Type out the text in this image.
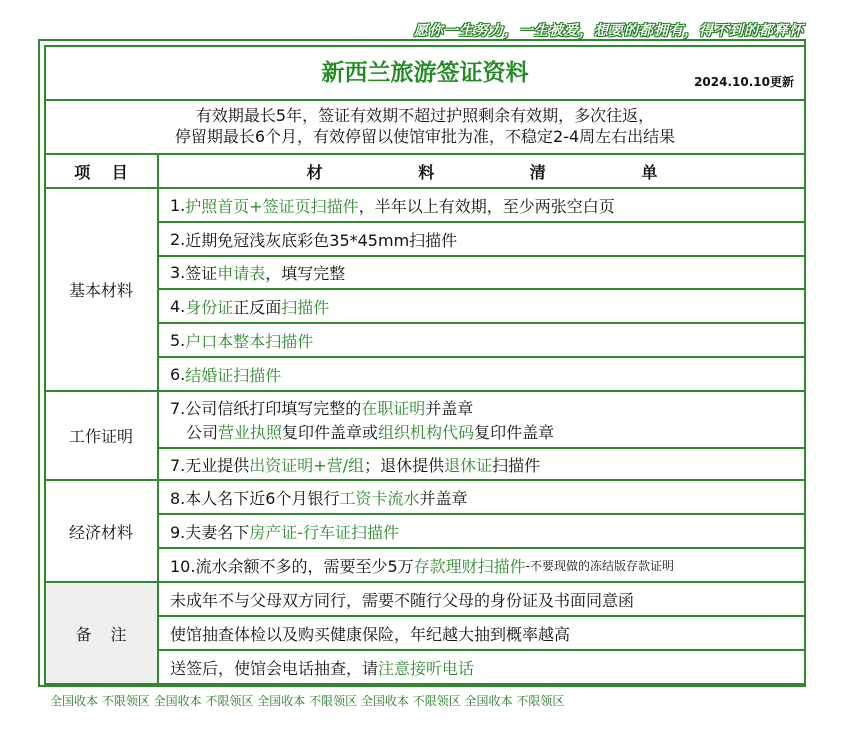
愿你一生努力，一生被爱，想要的都拥有，得不到的都释怀
新西兰旅游签证资料	2024.10.10更新
有效期最长5年，签证有效期不超过护照剩余有效期，多次往返，
停留期最长6个月，有效停留以使馆审批为准，不稳定2-4周左右出结果
项 目	材 料 清 单
基本材料
1. 护照首页+签证页扫描件 ，半年以上有效期，至少两张空白页
2. 近期免冠浅灰底彩色35*45mm扫描件
3. 签证 申请表 ，填写完整
4. 身份证 正反面 扫描件
5. 户口本整本扫描件
6. 结婚证扫描件
工作证明
7.公司信纸打印填写完整的在职证明并盖章
公司营业执照复印件盖章或组织机构代码复印件盖章
7.无业提供 出资证明+营/组 ；退休提供 退休证 扫描件
经济材料
8.本人名下近6个月银行 工资卡流水 并盖章
9.夫妻名下 房产证-行车证扫描件
10.流水余额不多的，需要至少5万 存款理财扫描件 -不要现做的冻结版存款证明
备 注
未成年不与父母双方同行，需要不随行父母的身份证及书面同意函
使馆抽查体检以及购买健康保险，年纪越大抽到概率越高
送签后，使馆会电话抽查，请 注意接听电话
全国收本 不限领区 全国收本 不限领区 全国收本 不限领区 全国收本 不限领区 全国收本 不限领区
